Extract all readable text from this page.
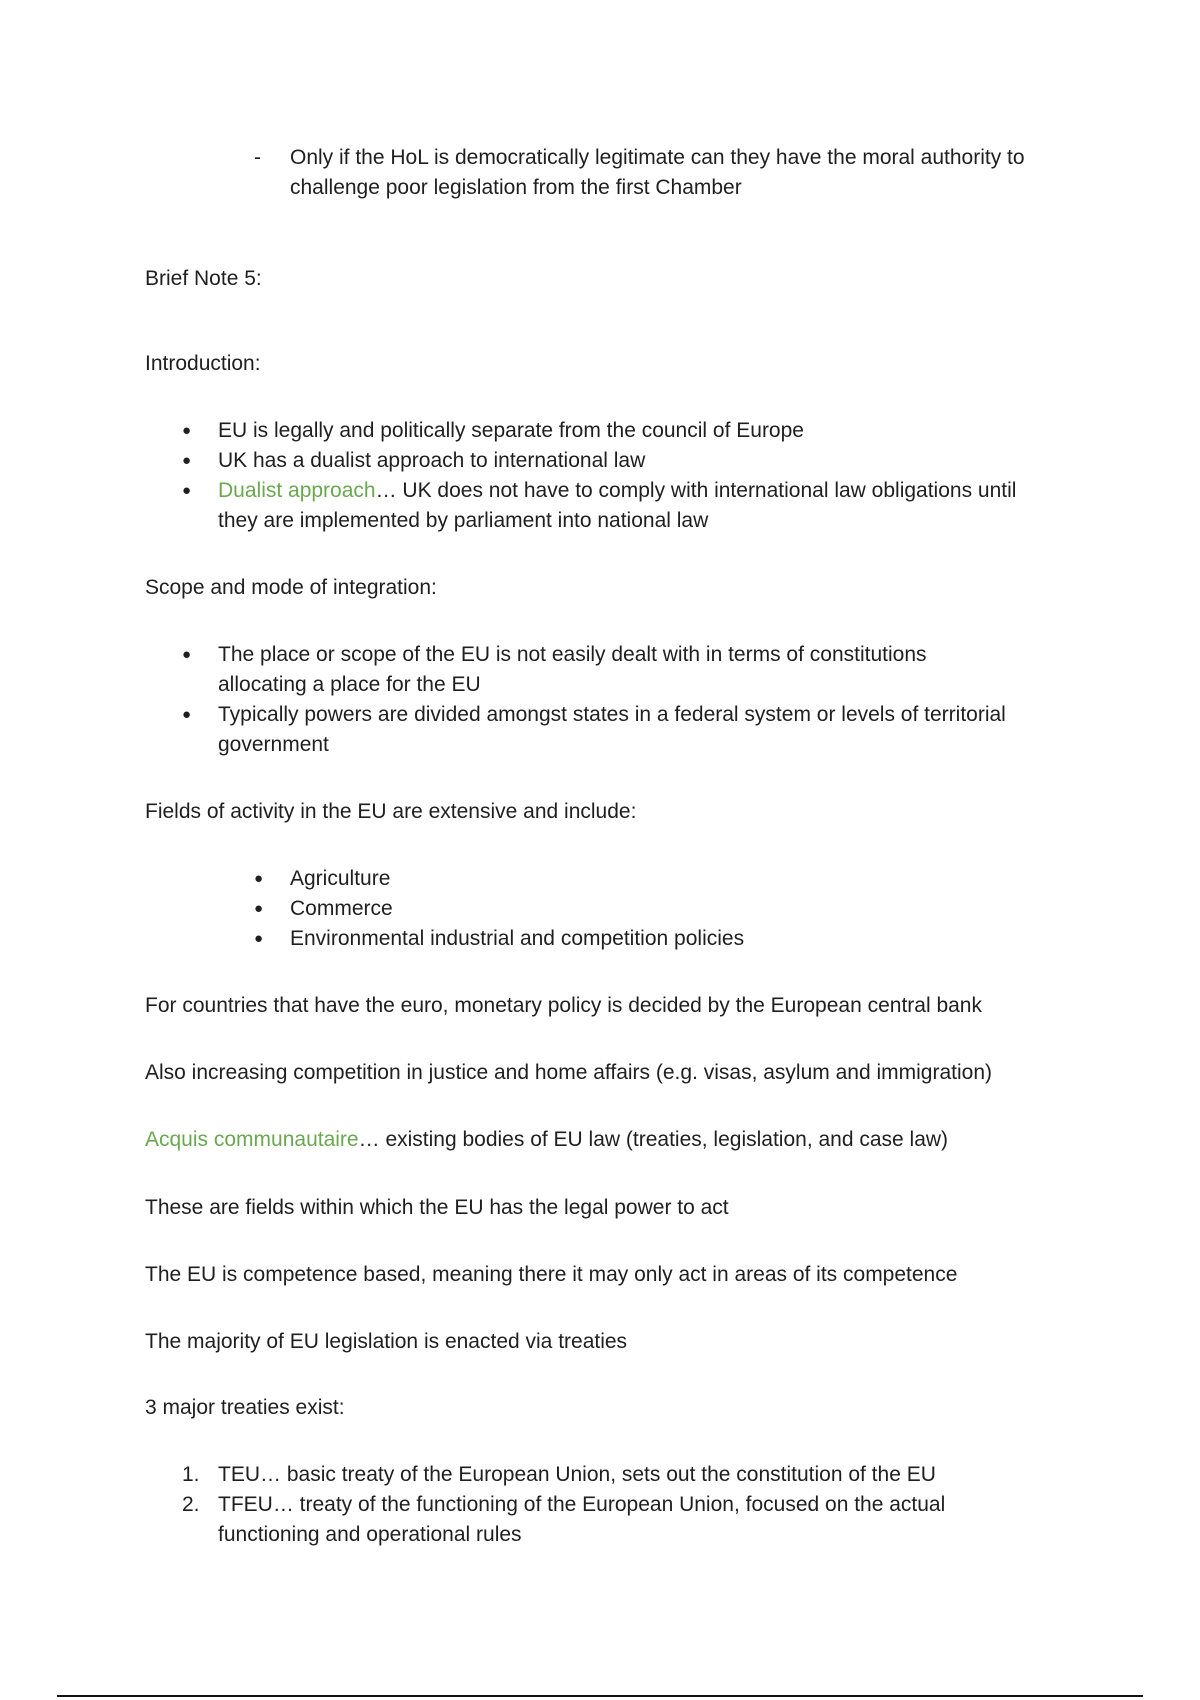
-	Only if the HoL is democratically legitimate can they have the moral authority to challenge poor legislation from the first Chamber

Brief Note 5:

Introduction:

●	EU is legally and politically separate from the council of Europe
●	UK has a dualist approach to international law
●	Dualist approach… UK does not have to comply with international law obligations until they are implemented by parliament into national law

Scope and mode of integration:

●	The place or scope of the EU is not easily dealt with in terms of constitutions allocating a place for the EU
●	Typically powers are divided amongst states in a federal system or levels of territorial government

Fields of activity in the EU are extensive and include:

●	Agriculture
●	Commerce
●	Environmental industrial and competition policies

For countries that have the euro, monetary policy is decided by the European central bank

Also increasing competition in justice and home affairs (e.g. visas, asylum and immigration)

Acquis communautaire… existing bodies of EU law (treaties, legislation, and case law)

These are fields within which the EU has the legal power to act

The EU is competence based, meaning there it may only act in areas of its competence

The majority of EU legislation is enacted via treaties

3 major treaties exist:

1. TEU… basic treaty of the European Union, sets out the constitution of the EU
2. TFEU… treaty of the functioning of the European Union, focused on the actual functioning and operational rules
